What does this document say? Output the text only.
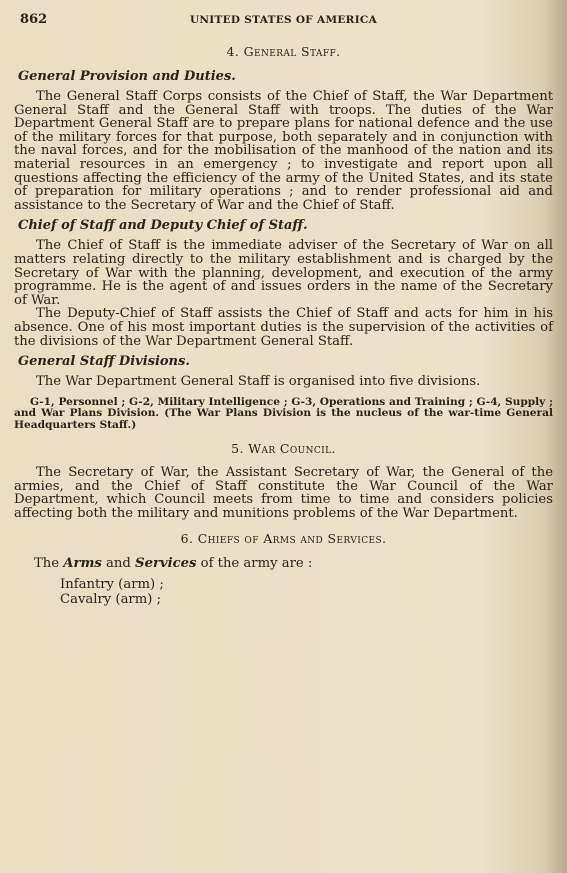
862	UNITED STATES OF AMERICA
4. General Staff.
General Provision and Duties.

The General Staff Corps consists of the Chief of Staff, the War Department General Staff and the General Staff with troops. The duties of the War Department General Staff are to prepare plans for national defence and the use of the military forces for that purpose, both separately and in conjunction with the naval forces, and for the mobilisation of the manhood of the nation and its material resources in an emergency ; to investigate and report upon all questions affecting the efficiency of the army of the United States, and its state of preparation for military operations ; and to render professional aid and assistance to the Secretary of War and the Chief of Staff.

Chief of Staff and Deputy Chief of Staff.

The Chief of Staff is the immediate adviser of the Secretary of War on all matters relating directly to the military establishment and is charged by the Secretary of War with the planning, development, and execution of the army programme. He is the agent of and issues orders in the name of the Secretary of War.

The Deputy-Chief of Staff assists the Chief of Staff and acts for him in his absence. One of his most important duties is the supervision of the activities of the divisions of the War Department General Staff.

General Staff Divisions.

The War Department General Staff is organised into five divisions.

G-1, Personnel ; G-2, Military Intelligence ; G-3, Operations and Training ; G-4, Supply ; and War Plans Division. (The War Plans Division is the nucleus of the war-time General Headquarters Staff.)

5. War Council.

The Secretary of War, the Assistant Secretary of War, the General of the armies, and the Chief of Staff constitute the War Council of the War Department, which Council meets from time to time and considers policies affecting both the military and munitions problems of the War Department.

6. Chiefs of Arms and Services.
The Arms and Services of the army are :
Infantry (arm) ;
Cavalry (arm) ;
